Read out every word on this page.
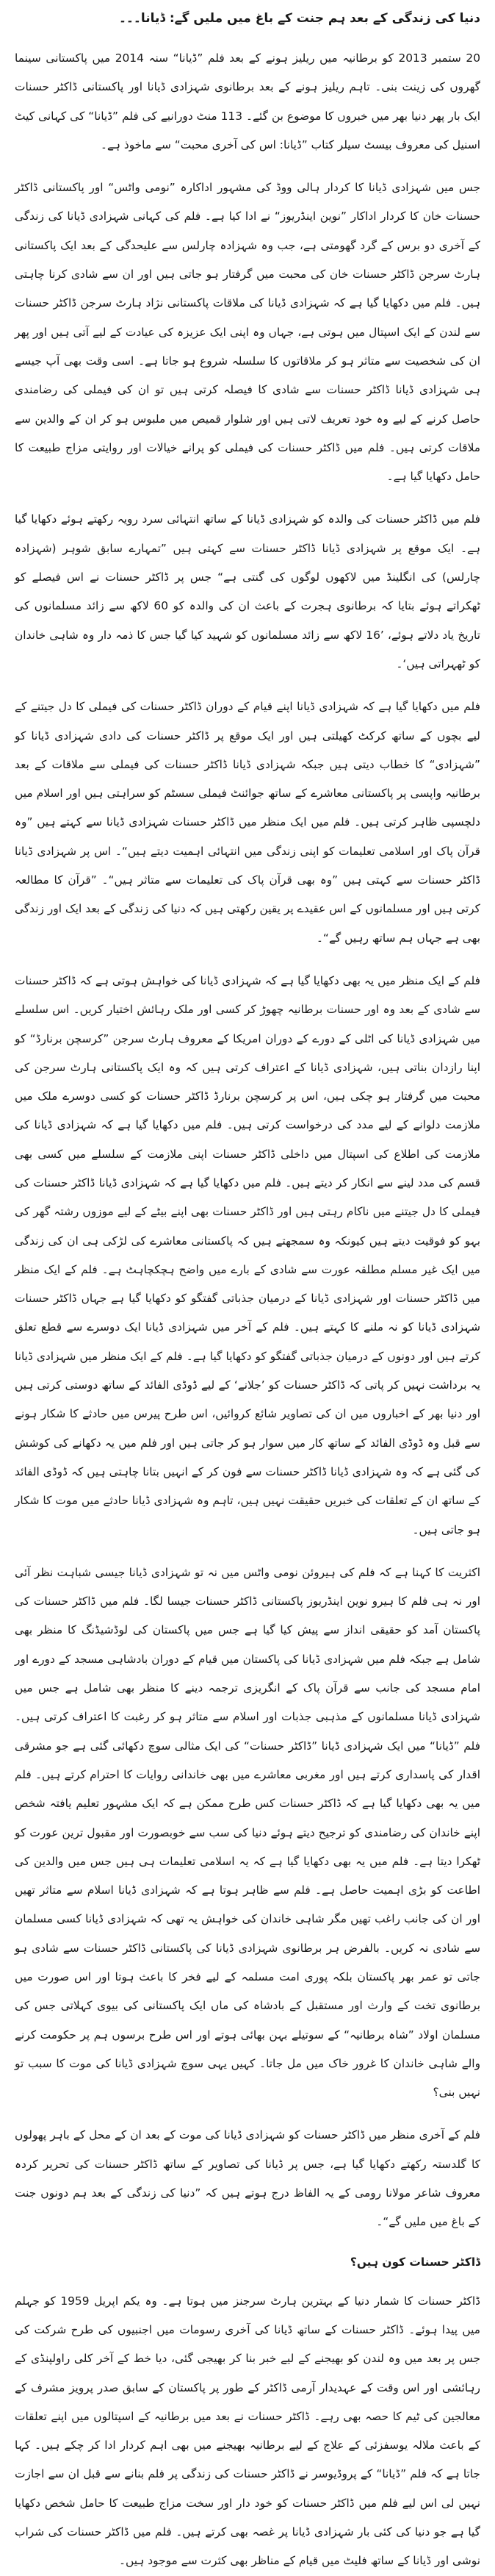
دنیا کی زندگی کے بعد ہم جنت کے باغ میں ملیں گے: ڈیانا۔۔۔

20 ستمبر 2013 کو برطانیہ میں ریلیز ہونے کے بعد فلم ”ڈیانا“ سنہ 2014 میں پاکستانی سینما گھروں کی زینت بنی۔ تاہم ریلیز ہونے کے بعد برطانوی شہزادی ڈیانا اور پاکستانی ڈاکٹر حسنات ایک بار پھر دنیا بھر میں خبروں کا موضوع بن گئے۔ 113 منٹ دورانیے کی فلم ”ڈیانا“ کی کہانی کیٹ اسنیل کی معروف بیسٹ سیلر کتاب ”ڈیانا: اس کی آخری محبت“ سے ماخوذ ہے۔

جس میں شہزادی ڈیانا کا کردار ہالی ووڈ کی مشہور اداکارہ ”نومی واٹس“ اور پاکستانی ڈاکٹر حسنات خان کا کردار اداکار ”نوین اینڈریوز“ نے ادا کیا ہے۔ فلم کی کہانی شہزادی ڈیانا کی زندگی کے آخری دو برس کے گرد گھومتی ہے، جب وہ شہزادہ چارلس سے علیحدگی کے بعد ایک پاکستانی ہارٹ سرجن ڈاکٹر حسنات خان کی محبت میں گرفتار ہو جاتی ہیں اور ان سے شادی کرنا چاہتی ہیں۔ فلم میں دکھایا گیا ہے کہ شہزادی ڈیانا کی ملاقات پاکستانی نژاد ہارٹ سرجن ڈاکٹر حسنات سے لندن کے ایک اسپتال میں ہوتی ہے، جہاں وہ اپنی ایک عزیزہ کی عیادت کے لیے آتی ہیں اور پھر ان کی شخصیت سے متاثر ہو کر ملاقاتوں کا سلسلہ شروع ہو جاتا ہے۔ اسی وقت بھی آپ جیسے ہی شہزادی ڈیانا ڈاکٹر حسنات سے شادی کا فیصلہ کرتی ہیں تو ان کی فیملی کی رضامندی حاصل کرنے کے لیے وہ خود تعریف لاتی ہیں اور شلوار قمیص میں ملبوس ہو کر ان کے والدین سے ملاقات کرتی ہیں۔ فلم میں ڈاکٹر حسنات کی فیملی کو پرانے خیالات اور روایتی مزاج طبیعت کا حامل دکھایا گیا ہے۔

فلم میں ڈاکٹر حسنات کی والدہ کو شہزادی ڈیانا کے ساتھ انتہائی سرد رویہ رکھتے ہوئے دکھایا گیا ہے۔ ایک موقع پر شہزادی ڈیانا ڈاکٹر حسنات سے کہتی ہیں ”تمہارے سابق شوہر (شہزادہ چارلس) کی انگلینڈ میں لاکھوں لوگوں کی گنتی ہے“ جس پر ڈاکٹر حسنات نے اس فیصلے کو ٹھکراتے ہوئے بتایا کہ برطانوی ہجرت کے باعث ان کی والدہ کو 60 لاکھ سے زائد مسلمانوں کی تاریخ یاد دلاتے ہوئے، ’16 لاکھ سے زائد مسلمانوں کو شہید کیا گیا جس کا ذمہ دار وہ شاہی خاندان کو ٹھہراتی ہیں‘۔

فلم میں دکھایا گیا ہے کہ شہزادی ڈیانا اپنے قیام کے دوران ڈاکٹر حسنات کی فیملی کا دل جیتنے کے لیے بچوں کے ساتھ کرکٹ کھیلتی ہیں اور ایک موقع پر ڈاکٹر حسنات کی دادی شہزادی ڈیانا کو ”شہزادی“ کا خطاب دیتی ہیں جبکہ شہزادی ڈیانا ڈاکٹر حسنات کی فیملی سے ملاقات کے بعد برطانیہ واپسی پر پاکستانی معاشرے کے ساتھ جوائنٹ فیملی سسٹم کو سراہتی ہیں اور اسلام میں دلچسپی ظاہر کرتی ہیں۔ فلم میں ایک منظر میں ڈاکٹر حسنات شہزادی ڈیانا سے کہتے ہیں ”وہ قرآن پاک اور اسلامی تعلیمات کو اپنی زندگی میں انتہائی اہمیت دیتے ہیں“۔ اس پر شہزادی ڈیانا ڈاکٹر حسنات سے کہتی ہیں ”وہ بھی قرآن پاک کی تعلیمات سے متاثر ہیں“۔ ”قرآن کا مطالعہ کرتی ہیں اور مسلمانوں کے اس عقیدے پر یقین رکھتی ہیں کہ دنیا کی زندگی کے بعد ایک اور زندگی بھی ہے جہاں ہم ساتھ رہیں گے“۔

فلم کے ایک منظر میں یہ بھی دکھایا گیا ہے کہ شہزادی ڈیانا کی خواہش ہوتی ہے کہ ڈاکٹر حسنات سے شادی کے بعد وہ اور حسنات برطانیہ چھوڑ کر کسی اور ملک رہائش اختیار کریں۔ اس سلسلے میں شہزادی ڈیانا کی اٹلی کے دورے کے دوران امریکا کے معروف ہارٹ سرجن ”کرسچن برنارڈ“ کو اپنا رازدان بناتی ہیں، شہزادی ڈیانا کے اعتراف کرتی ہیں کہ وہ ایک پاکستانی ہارٹ سرجن کی محبت میں گرفتار ہو چکی ہیں، اس پر کرسچن برنارڈ ڈاکٹر حسنات کو کسی دوسرے ملک میں ملازمت دلوانے کے لیے مدد کی درخواست کرتی ہیں۔ فلم میں دکھایا گیا ہے کہ شہزادی ڈیانا کی ملازمت کی اطلاع کی اسپتال میں داخلی ڈاکٹر حسنات اپنی ملازمت کے سلسلے میں کسی بھی قسم کی مدد لینے سے انکار کر دیتے ہیں۔ فلم میں دکھایا گیا ہے کہ شہزادی ڈیانا ڈاکٹر حسنات کی فیملی کا دل جیتنے میں ناکام رہتی ہیں اور ڈاکٹر حسنات بھی اپنے بیٹے کے لیے موزوں رشتہ گھر کی بہو کو فوقیت دیتے ہیں کیونکہ وہ سمجھتے ہیں کہ پاکستانی معاشرے کی لڑکی ہی ان کی زندگی میں ایک غیر مسلم مطلقہ عورت سے شادی کے بارے میں واضح ہچکچاہٹ ہے۔ فلم کے ایک منظر میں ڈاکٹر حسنات اور شہزادی ڈیانا کے درمیان جذباتی گفتگو کو دکھایا گیا ہے جہاں ڈاکٹر حسنات شہزادی ڈیانا کو نہ ملنے کا کہتے ہیں۔ فلم کے آخر میں شہزادی ڈیانا ایک دوسرے سے قطع تعلق کرتے ہیں اور دونوں کے درمیان جذباتی گفتگو کو دکھایا گیا ہے۔ فلم کے ایک منظر میں شہزادی ڈیانا یہ برداشت نہیں کر پاتی کہ ڈاکٹر حسنات کو ’جلانے‘ کے لیے ڈوڈی الفائد کے ساتھ دوستی کرتی ہیں اور دنیا بھر کے اخباروں میں ان کی تصاویر شائع کروائیں، اس طرح پیرس میں حادثے کا شکار ہونے سے قبل وہ ڈوڈی الفائد کے ساتھ کار میں سوار ہو کر جاتی ہیں اور فلم میں یہ دکھانے کی کوشش کی گئی ہے کہ وہ شہزادی ڈیانا ڈاکٹر حسنات سے فون کر کے انہیں بتانا چاہتی ہیں کہ ڈوڈی الفائد کے ساتھ ان کے تعلقات کی خبریں حقیقت نہیں ہیں، تاہم وہ شہزادی ڈیانا حادثے میں موت کا شکار ہو جاتی ہیں۔

اکثریت کا کہنا ہے کہ فلم کی ہیروئن نومی واٹس میں نہ تو شہزادی ڈیانا جیسی شباہت نظر آئی اور نہ ہی فلم کا ہیرو نوین اینڈریوز پاکستانی ڈاکٹر حسنات جیسا لگا۔ فلم میں ڈاکٹر حسنات کی پاکستان آمد کو حقیقی انداز سے پیش کیا گیا ہے جس میں پاکستان کی لوڈشیڈنگ کا منظر بھی شامل ہے جبکہ فلم میں شہزادی ڈیانا کی پاکستان میں قیام کے دوران بادشاہی مسجد کے دورے اور امام مسجد کی جانب سے قرآن پاک کے انگریزی ترجمہ دینے کا منظر بھی شامل ہے جس میں شہزادی ڈیانا مسلمانوں کے مذہبی جذبات اور اسلام سے متاثر ہو کر رغبت کا اعتراف کرتی ہیں۔ فلم ”ڈیانا“ میں ایک شہزادی ڈیانا ”ڈاکٹر حسنات“ کی ایک مثالی سوچ دکھائی گئی ہے جو مشرقی اقدار کی پاسداری کرتے ہیں اور مغربی معاشرے میں بھی خاندانی روایات کا احترام کرتے ہیں۔ فلم میں یہ بھی دکھایا گیا ہے کہ ڈاکٹر حسنات کس طرح ممکن ہے کہ ایک مشہور تعلیم یافتہ شخص اپنے خاندان کی رضامندی کو ترجیح دیتے ہوئے دنیا کی سب سے خوبصورت اور مقبول ترین عورت کو ٹھکرا دیتا ہے۔ فلم میں یہ بھی دکھایا گیا ہے کہ یہ اسلامی تعلیمات ہی ہیں جس میں والدین کی اطاعت کو بڑی اہمیت حاصل ہے۔ فلم سے ظاہر ہوتا ہے کہ شہزادی ڈیانا اسلام سے متاثر تھیں اور ان کی جانب راغب تھیں مگر شاہی خاندان کی خواہش یہ تھی کہ شہزادی ڈیانا کسی مسلمان سے شادی نہ کریں۔ بالفرض ہر برطانوی شہزادی ڈیانا کی پاکستانی ڈاکٹر حسنات سے شادی ہو جاتی تو عمر بھر پاکستان بلکہ پوری امت مسلمہ کے لیے فخر کا باعث ہوتا اور اس صورت میں برطانوی تخت کے وارث اور مستقبل کے بادشاہ کی ماں ایک پاکستانی کی بیوی کہلاتی جس کی مسلمان اولاد ”شاہ برطانیہ“ کے سوتیلے بہن بھائی ہوتے اور اس طرح برسوں ہم پر حکومت کرنے والے شاہی خاندان کا غرور خاک میں مل جاتا۔ کہیں یہی سوچ شہزادی ڈیانا کی موت کا سبب تو نہیں بنی؟

فلم کے آخری منظر میں ڈاکٹر حسنات کو شہزادی ڈیانا کی موت کے بعد ان کے محل کے باہر پھولوں کا گلدستہ رکھتے دکھایا گیا ہے، جس پر ڈیانا کی تصاویر کے ساتھ ڈاکٹر حسنات کی تحریر کردہ معروف شاعر مولانا رومی کے یہ الفاظ درج ہوتے ہیں کہ ”دنیا کی زندگی کے بعد ہم دونوں جنت کے باغ میں ملیں گے“۔

ڈاکٹر حسنات کون ہیں؟

ڈاکٹر حسنات کا شمار دنیا کے بہترین ہارٹ سرجنز میں ہوتا ہے۔ وہ یکم اپریل 1959 کو جہلم میں پیدا ہوئے۔ ڈاکٹر حسنات کے ساتھ ڈیانا کی آخری رسومات میں اجنبیوں کی طرح شرکت کی جس پر بعد میں وہ لندن کو بھیجنے کے لیے خبر بنا کر بھیجی گئی، دیا خط کے آخر کلی راولپنڈی کے رہائشی اور اس وقت کے عہدیدار آرمی ڈاکٹر کے طور پر پاکستان کے سابق صدر پرویز مشرف کے معالجین کی ٹیم کا حصہ بھی رہے۔ ڈاکٹر حسنات نے بعد میں برطانیہ کے اسپتالوں میں اپنے تعلقات کے باعث ملالہ یوسفزئی کے علاج کے لیے برطانیہ بھیجنے میں بھی اہم کردار ادا کر چکے ہیں۔ کہا جاتا ہے کہ فلم ”ڈیانا“ کے پروڈیوسر نے ڈاکٹر حسنات کی زندگی پر فلم بنانے سے قبل ان سے اجازت نہیں لی اس لیے فلم میں ڈاکٹر حسنات کو خود دار اور سخت مزاج طبیعت کا حامل شخص دکھایا گیا ہے جو دنیا کی کئی بار شہزادی ڈیانا پر غصہ بھی کرتے ہیں۔ فلم میں ڈاکٹر حسنات کی شراب نوشی اور ڈیانا کے ساتھ فلیٹ میں قیام کے مناظر بھی کثرت سے موجود ہیں۔
